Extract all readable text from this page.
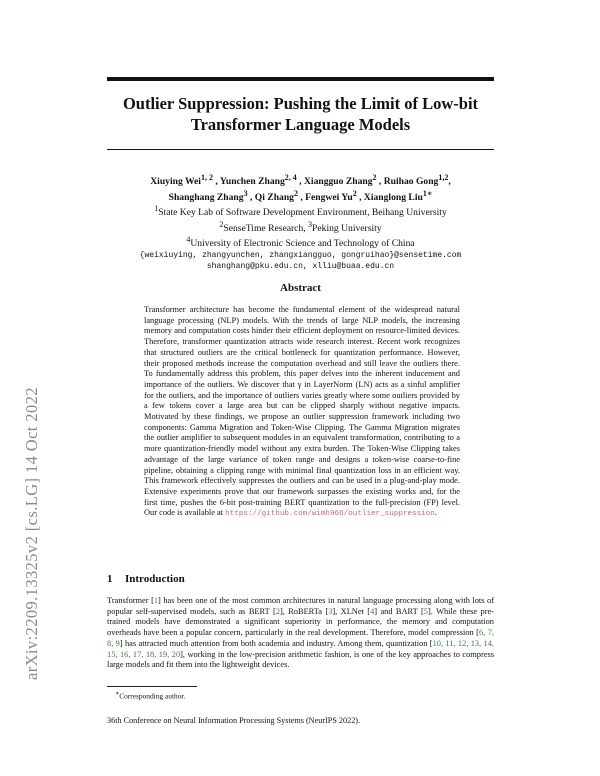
arXiv:2209.13325v2 [cs.LG] 14 Oct 2022
Outlier Suppression: Pushing the Limit of Low-bit Transformer Language Models
Xiuying Wei$^{1, 2}$ , Yunchen Zhang$^{2, 4}$ , Xiangguo Zhang$^2$ , Ruihao Gong$^{1,2}$,
Shanghang Zhang$^3$ , Qi Zhang$^2$ , Fengwei Yu$^2$ , Xianglong Liu$^{1∗}$
$^1$State Key Lab of Software Development Environment, Beihang University
$^2$SenseTime Research, $^3$Peking University
$^4$University of Electronic Science and Technology of China
{weixiuying, zhangyunchen, zhangxiangguo, gongruihao}@sensetime.com
shanghang@pku.edu.cn, xlliu@buaa.edu.cn
Abstract

Transformer architecture has become the fundamental element of the widespread natural language processing (NLP) models. With the trends of large NLP models, the increasing memory and computation costs hinder their efficient deployment on resource-limited devices. Therefore, transformer quantization attracts wide research interest. Recent work recognizes that structured outliers are the critical bottleneck for quantization performance. However, their proposed methods increase the computation overhead and still leave the outliers there. To fundamentally address this problem, this paper delves into the inherent inducement and importance of the outliers. We discover that γ in LayerNorm (LN) acts as a sinful amplifier for the outliers, and the importance of outliers varies greatly where some outliers provided by a few tokens cover a large area but can be clipped sharply without negative impacts. Motivated by these findings, we propose an outlier suppression framework including two components: Gamma Migration and Token-Wise Clipping. The Gamma Migration migrates the outlier amplifier to subsequent modules in an equivalent transformation, contributing to a more quantization-friendly model without any extra burden. The Token-Wise Clipping takes advantage of the large variance of token range and designs a token-wise coarse-to-fine pipeline, obtaining a clipping range with minimal final quantization loss in an efficient way. This framework effectively suppresses the outliers and can be used in a plug-and-play mode. Extensive experiments prove that our framework surpasses the existing works and, for the first time, pushes the 6-bit post-training BERT quantization to the full-precision (FP) level. Our code is available at https://github.com/wimh966/outlier_suppression.

1 Introduction

Transformer [1] has been one of the most common architectures in natural language processing along with lots of popular self-supervised models, such as BERT [2], RoBERTa [3], XLNet [4] and BART [5]. While these pre-trained models have demonstrated a significant superiority in performance, the memory and computation overheads have been a popular concern, particularly in the real development. Therefore, model compression [6, 7, 8, 9] has attracted much attention from both academia and industry. Among them, quantization [10, 11, 12, 13, 14, 15, 16, 17, 18, 19, 20], working in the low-precision arithmetic fashion, is one of the key approaches to compress large models and fit them into the lightweight devices.

∗Corresponding author.

36th Conference on Neural Information Processing Systems (NeurIPS 2022).
